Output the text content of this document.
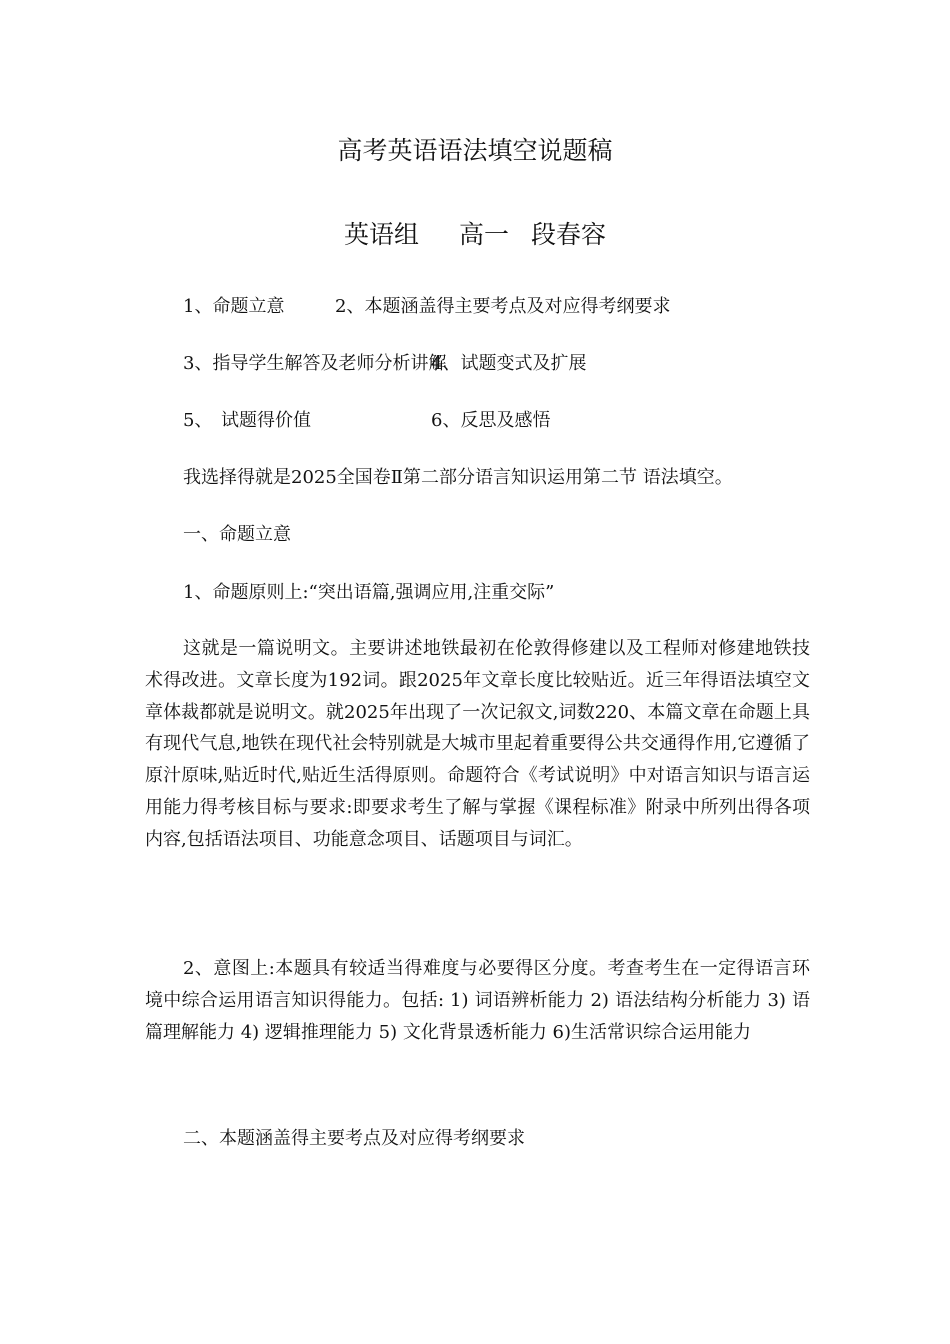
高考英语语法填空说题稿
英语组 高一 段春容

1、命题立意	2、本题涵盖得主要考点及对应得考纲要求

3、指导学生解答及老师分析讲解
4、试题变式及扩展

5、 试题得价值	6、反思及感悟

我选择得就是2025全国卷Ⅱ第二部分语言知识运用第二节 语法填空。

一、命题立意

1、命题原则上:“突出语篇,强调应用,注重交际”

这就是一篇说明文。主要讲述地铁最初在伦敦得修建以及工程师对修建地铁技术得改进。文章长度为192词。跟2025年文章长度比较贴近。近三年得语法填空文章体裁都就是说明文。就2025年出现了一次记叙文,词数220、本篇文章在命题上具有现代气息,地铁在现代社会特别就是大城市里起着重要得公共交通得作用,它遵循了原汁原味,贴近时代,贴近生活得原则。命题符合《考试说明》中对语言知识与语言运用能力得考核目标与要求:即要求考生了解与掌握《课程标准》附录中所列出得各项内容,包括语法项目、功能意念项目、话题项目与词汇。

2、意图上:本题具有较适当得难度与必要得区分度。考查考生在一定得语言环境中综合运用语言知识得能力。包括: 1) 词语辨析能力 2) 语法结构分析能力 3) 语篇理解能力 4) 逻辑推理能力 5) 文化背景透析能力 6)生活常识综合运用能力

二、本题涵盖得主要考点及对应得考纲要求
